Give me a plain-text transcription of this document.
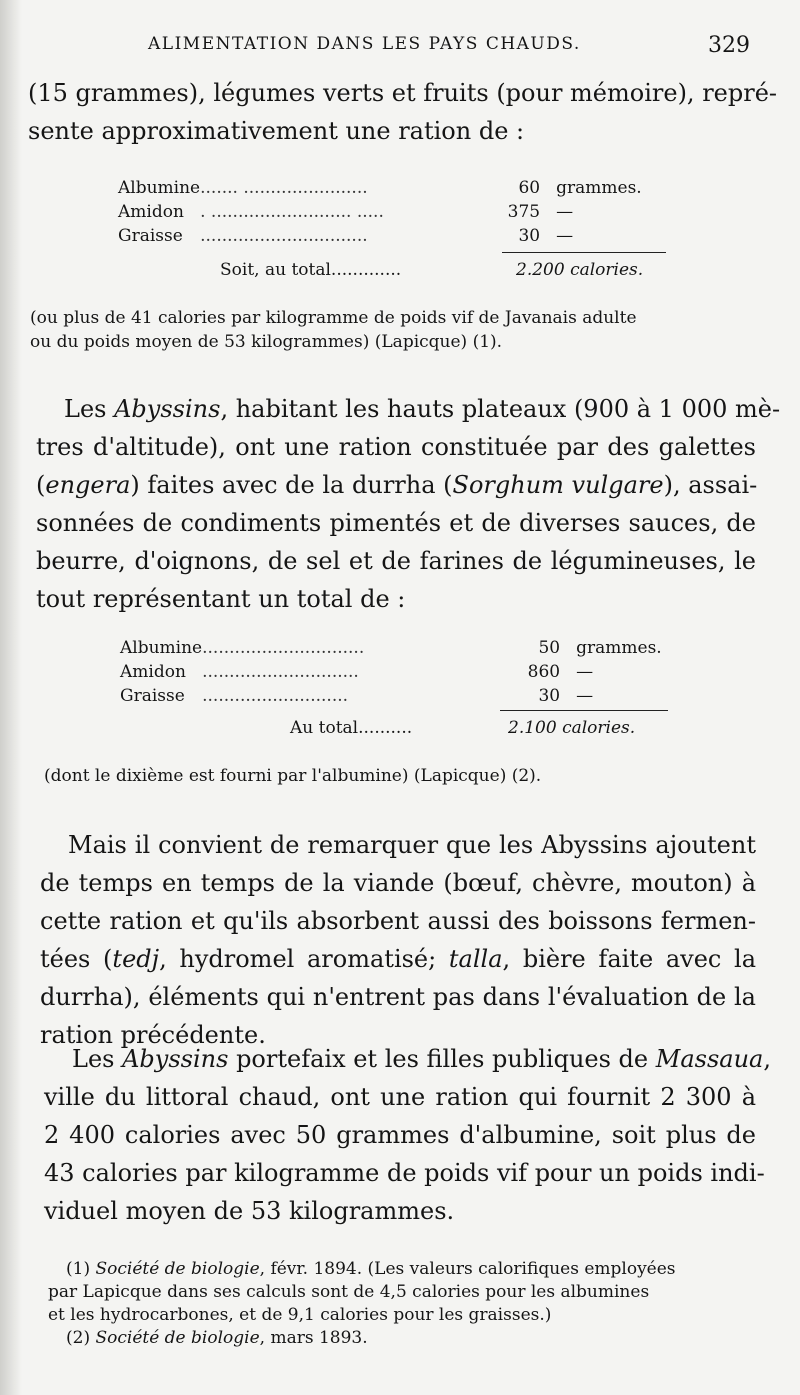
ALIMENTATION DANS LES PAYS CHAUDS.	329
(15 grammes), légumes verts et fruits (pour mémoire), repré-
sente approximativement une ration de :
Albumine	....... .......................	60	grammes.
Amidon	. .......................... .....	375	—
Graisse	...............................	30	—
Soit, au total.............	2.200 calories.
(ou plus de 41 calories par kilogramme de poids vif de Javanais adulte
ou du poids moyen de 53 kilogrammes) (Lapicque) (1).
Les Abyssins, habitant les hauts plateaux (900 à 1 000 mè-
tres d'altitude), ont une ration constituée par des galettes
(engera) faites avec de la durrha (Sorghum vulgare), assai-
sonnées de condiments pimentés et de diverses sauces, de
beurre, d'oignons, de sel et de farines de légumineuses, le
tout représentant un total de :
Albumine	..............................	50	grammes.
Amidon	.............................	860	—
Graisse	...........................	30	—
Au total..........	2.100 calories.
(dont le dixième est fourni par l'albumine) (Lapicque) (2).
Mais il convient de remarquer que les Abyssins ajoutent
de temps en temps de la viande (bœuf, chèvre, mouton) à
cette ration et qu'ils absorbent aussi des boissons fermen-
tées (tedj, hydromel aromatisé; talla, bière faite avec la
durrha), éléments qui n'entrent pas dans l'évaluation de la
ration précédente.
Les Abyssins portefaix et les filles publiques de Massaua,
ville du littoral chaud, ont une ration qui fournit 2 300 à
2 400 calories avec 50 grammes d'albumine, soit plus de
43 calories par kilogramme de poids vif pour un poids indi-
viduel moyen de 53 kilogrammes.
(1) Société de biologie, févr. 1894. (Les valeurs calorifiques employées
par Lapicque dans ses calculs sont de 4,5 calories pour les albumines
et les hydrocarbones, et de 9,1 calories pour les graisses.)
(2) Société de biologie, mars 1893.
